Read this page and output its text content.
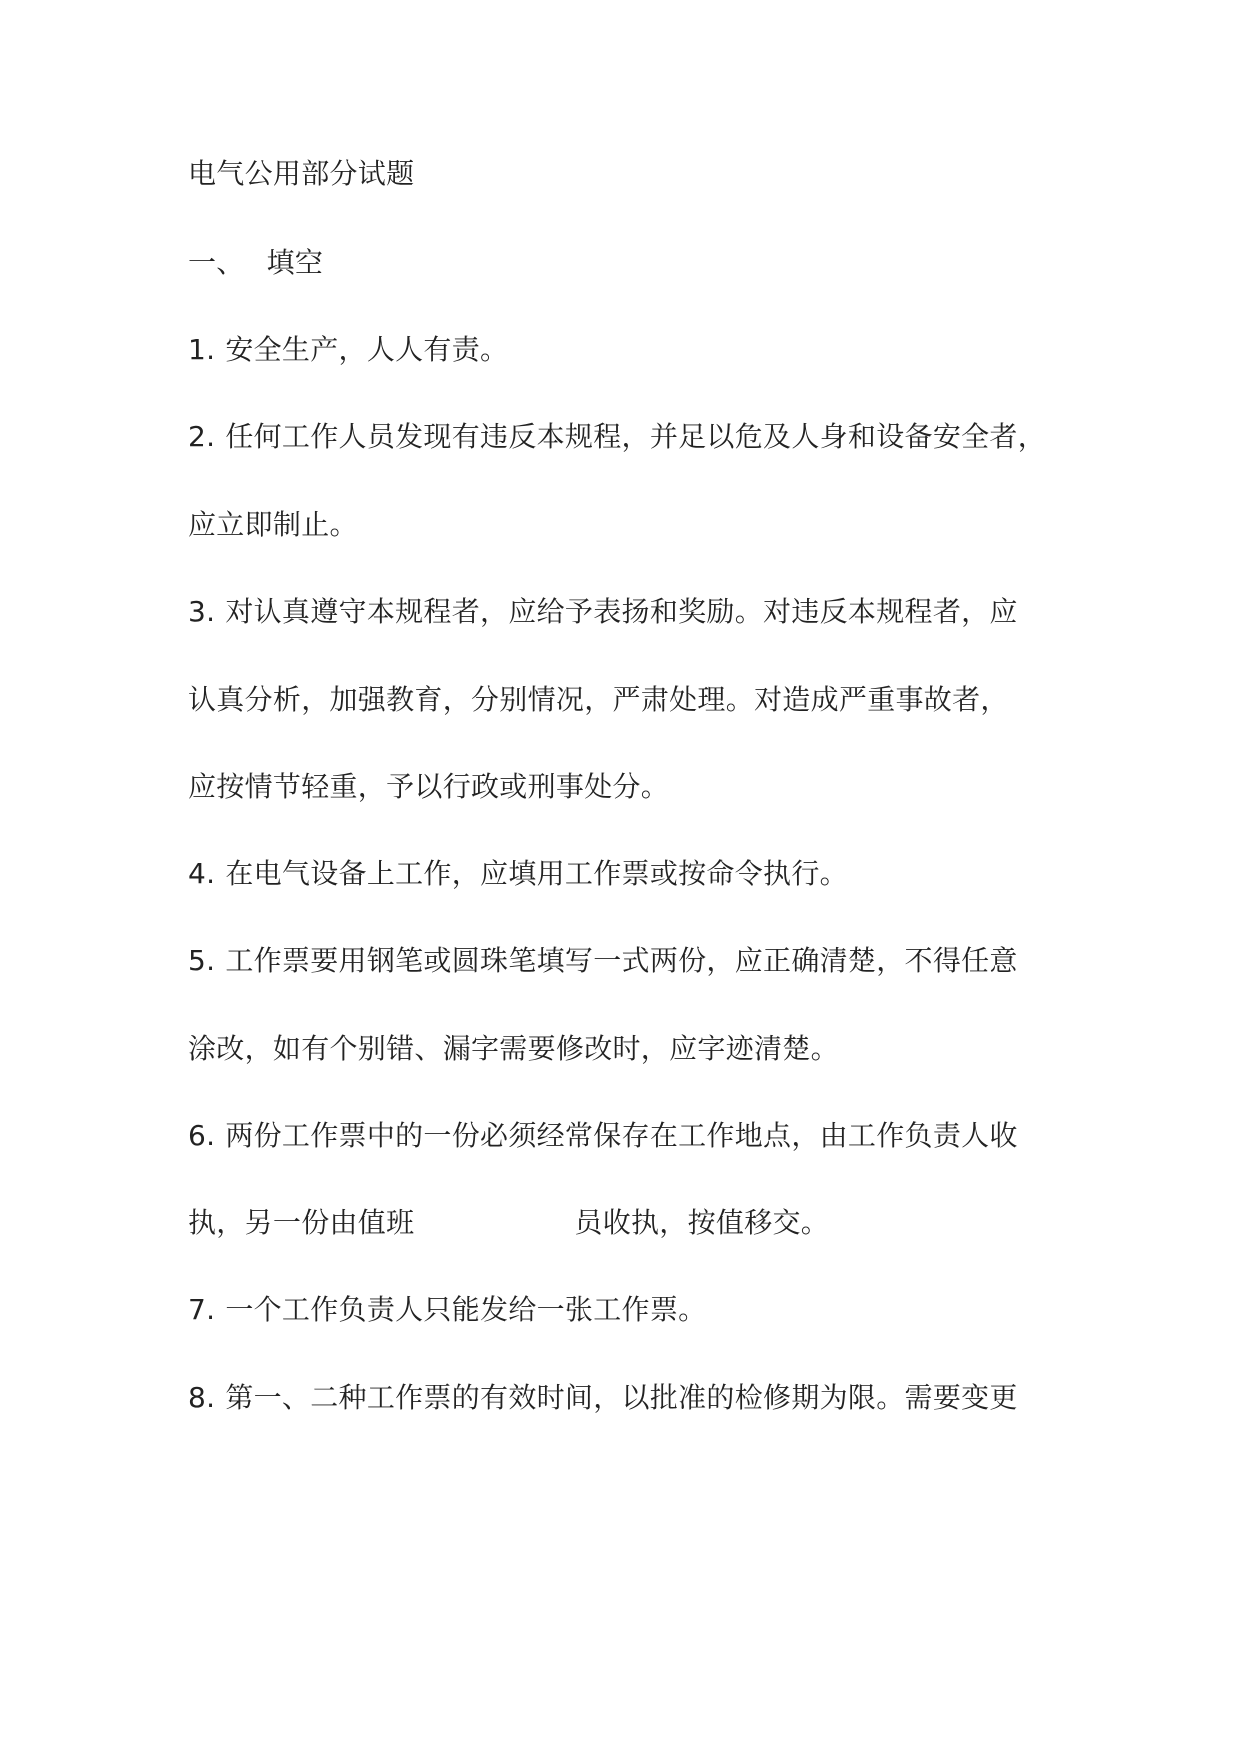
电气公用部分试题
一、 填空
1. 安全生产，人人有责。
2. 任何工作人员发现有违反本规程，并足以危及人身和设备安全者，
应立即制止。
3. 对认真遵守本规程者，应给予表扬和奖励。对违反本规程者，应
认真分析，加强教育，分别情况，严肃处理。对造成严重事故者，
应按情节轻重，予以行政或刑事处分。
4. 在电气设备上工作，应填用工作票或按命令执行。
5. 工作票要用钢笔或圆珠笔填写一式两份，应正确清楚，不得任意
涂改，如有个别错、漏字需要修改时，应字迹清楚。
6. 两份工作票中的一份必须经常保存在工作地点，由工作负责人收
执，另一份由值班	员收执，按值移交。
7. 一个工作负责人只能发给一张工作票。
8. 第一、二种工作票的有效时间，以批准的检修期为限。需要变更
